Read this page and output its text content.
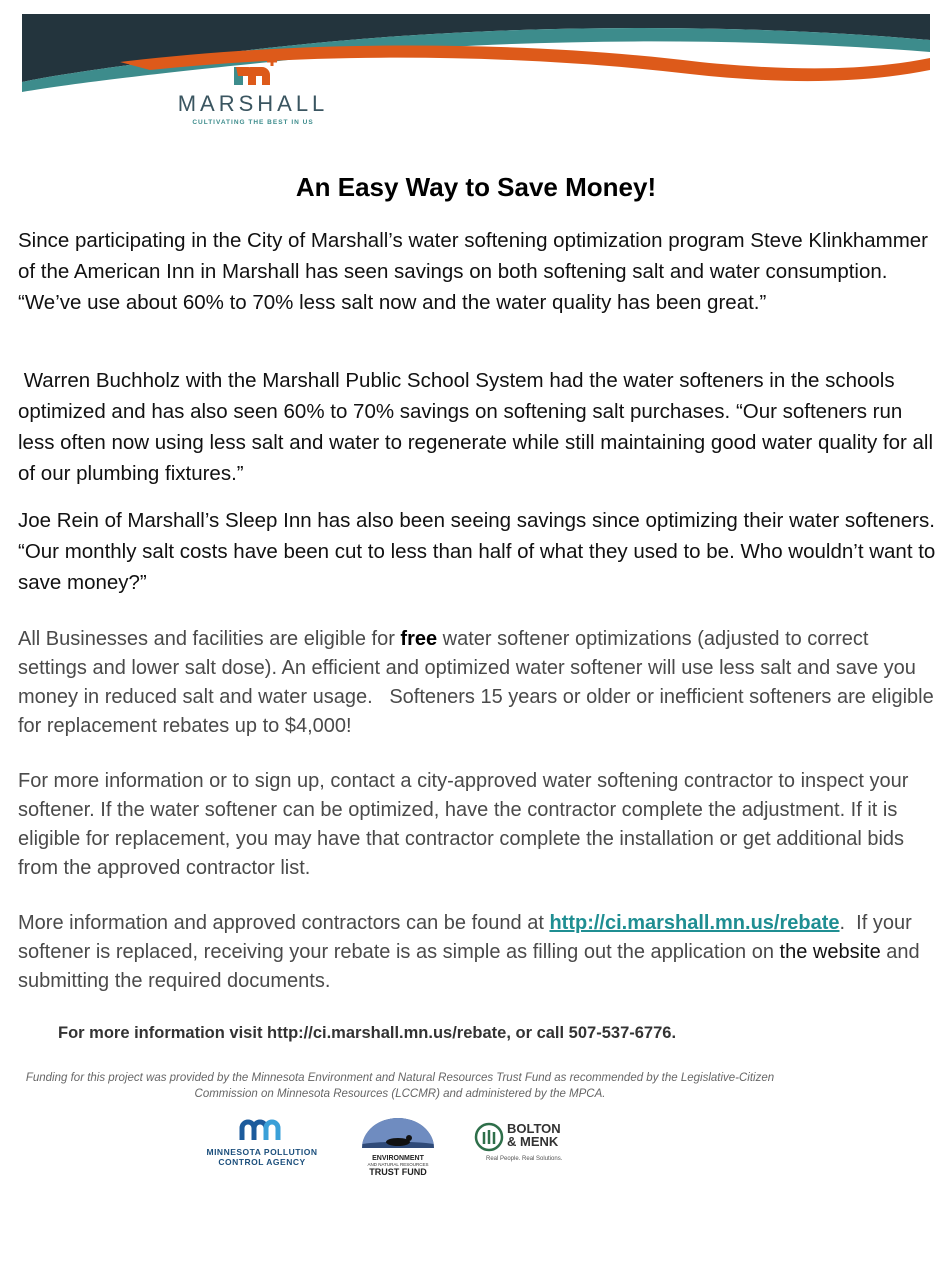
MARSHALL
CULTIVATING THE BEST IN US
An Easy Way to Save Money!

Since participating in the City of Marshall’s water softening optimization program Steve Klinkhammer of the American Inn in Marshall has seen savings on both softening salt and water consumption. “We’ve use about 60% to 70% less salt now and the water quality has been great.”

Warren Buchholz with the Marshall Public School System had the water softeners in the schools optimized and has also seen 60% to 70% savings on softening salt purchases. “Our softeners run less often now using less salt and water to regenerate while still maintaining good water quality for all of our plumbing fixtures.”

Joe Rein of Marshall’s Sleep Inn has also been seeing savings since optimizing their water softeners. “Our monthly salt costs have been cut to less than half of what they used to be. Who wouldn’t want to save money?”

All Businesses and facilities are eligible for free water softener optimizations (adjusted to correct settings and lower salt dose). An efficient and optimized water softener will use less salt and save you money in reduced salt and water usage.   Softeners 15 years or older or inefficient softeners are eligible for replacement rebates up to $4,000!

For more information or to sign up, contact a city-approved water softening contractor to inspect your softener. If the water softener can be optimized, have the contractor complete the adjustment. If it is eligible for replacement, you may have that contractor complete the installation or get additional bids from the approved contractor list.

More information and approved contractors can be found at http://ci.marshall.mn.us/rebate.  If your softener is replaced, receiving your rebate is as simple as filling out the application on the website and submitting the required documents.

For more information visit http://ci.marshall.mn.us/rebate, or call 507-537-6776.

Funding for this project was provided by the Minnesota Environment and Natural Resources Trust Fund as recommended by the Legislative-Citizen Commission on Minnesota Resources (LCCMR) and administered by the MPCA.

MINNESOTA POLLUTION
CONTROL AGENCY	ENVIRONMENT
AND NATURAL RESOURCES
TRUST FUND
BOLTON
& MENK
Real People. Real Solutions.
